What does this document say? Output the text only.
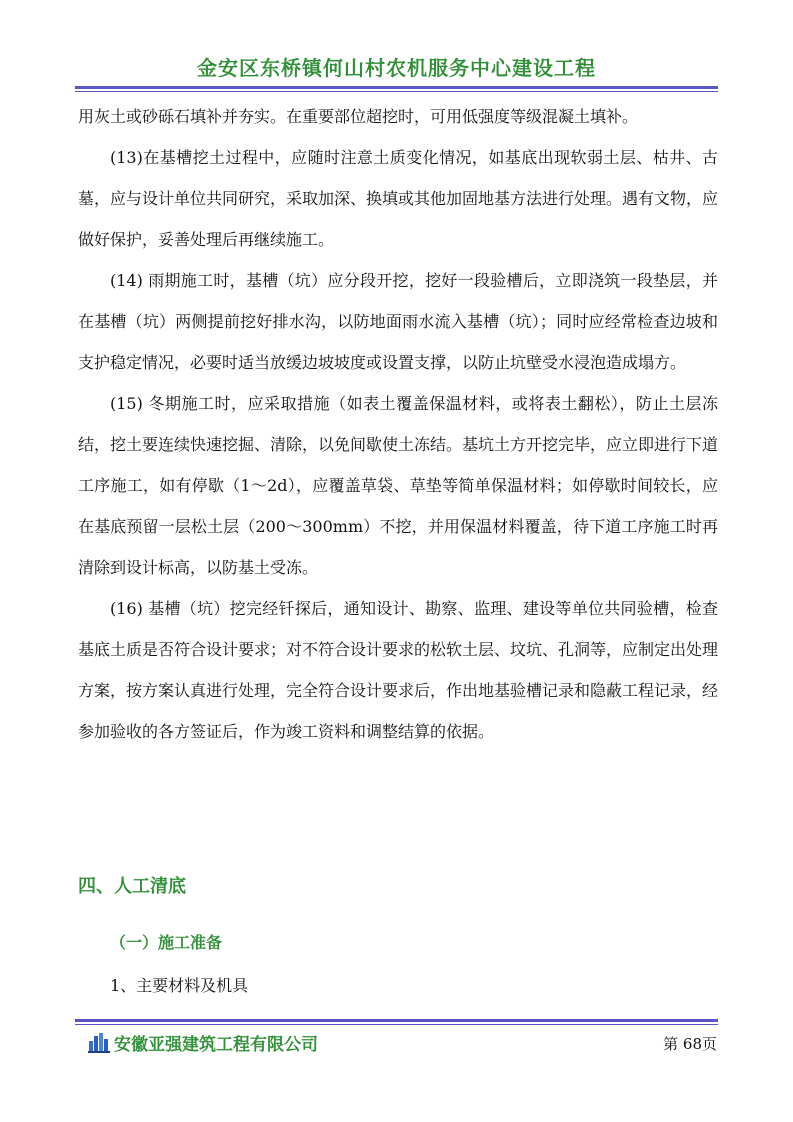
金安区东桥镇何山村农机服务中心建设工程

用灰土或砂砾石填补并夯实。在重要部位超挖时，可用低强度等级混凝土填补。

(13)在基槽挖土过程中，应随时注意土质变化情况，如基底出现软弱土层、枯井、古墓，应与设计单位共同研究，采取加深、换填或其他加固地基方法进行处理。遇有文物，应做好保护，妥善处理后再继续施工。

(14) 雨期施工时，基槽（坑）应分段开挖，挖好一段验槽后，立即浇筑一段垫层，并在基槽（坑）两侧提前挖好排水沟，以防地面雨水流入基槽（坑）；同时应经常检查边坡和支护稳定情况，必要时适当放缓边坡坡度或设置支撑，以防止坑壁受水浸泡造成塌方。

(15) 冬期施工时，应采取措施（如表土覆盖保温材料，或将表土翻松），防止土层冻结，挖土要连续快速挖掘、清除，以免间歇使土冻结。基坑土方开挖完毕，应立即进行下道工序施工，如有停歇（1～2d），应覆盖草袋、草垫等简单保温材料；如停歇时间较长，应在基底预留一层松土层（200～300mm）不挖，并用保温材料覆盖，待下道工序施工时再清除到设计标高，以防基土受冻。

(16) 基槽（坑）挖完经钎探后，通知设计、勘察、监理、建设等单位共同验槽，检查基底土质是否符合设计要求；对不符合设计要求的松软土层、坟坑、孔洞等，应制定出处理方案，按方案认真进行处理，完全符合设计要求后，作出地基验槽记录和隐蔽工程记录，经参加验收的各方签证后，作为竣工资料和调整结算的依据。

四、人工清底
（一）施工准备

1、主要材料及机具

安徽亚强建筑工程有限公司	第 68页
